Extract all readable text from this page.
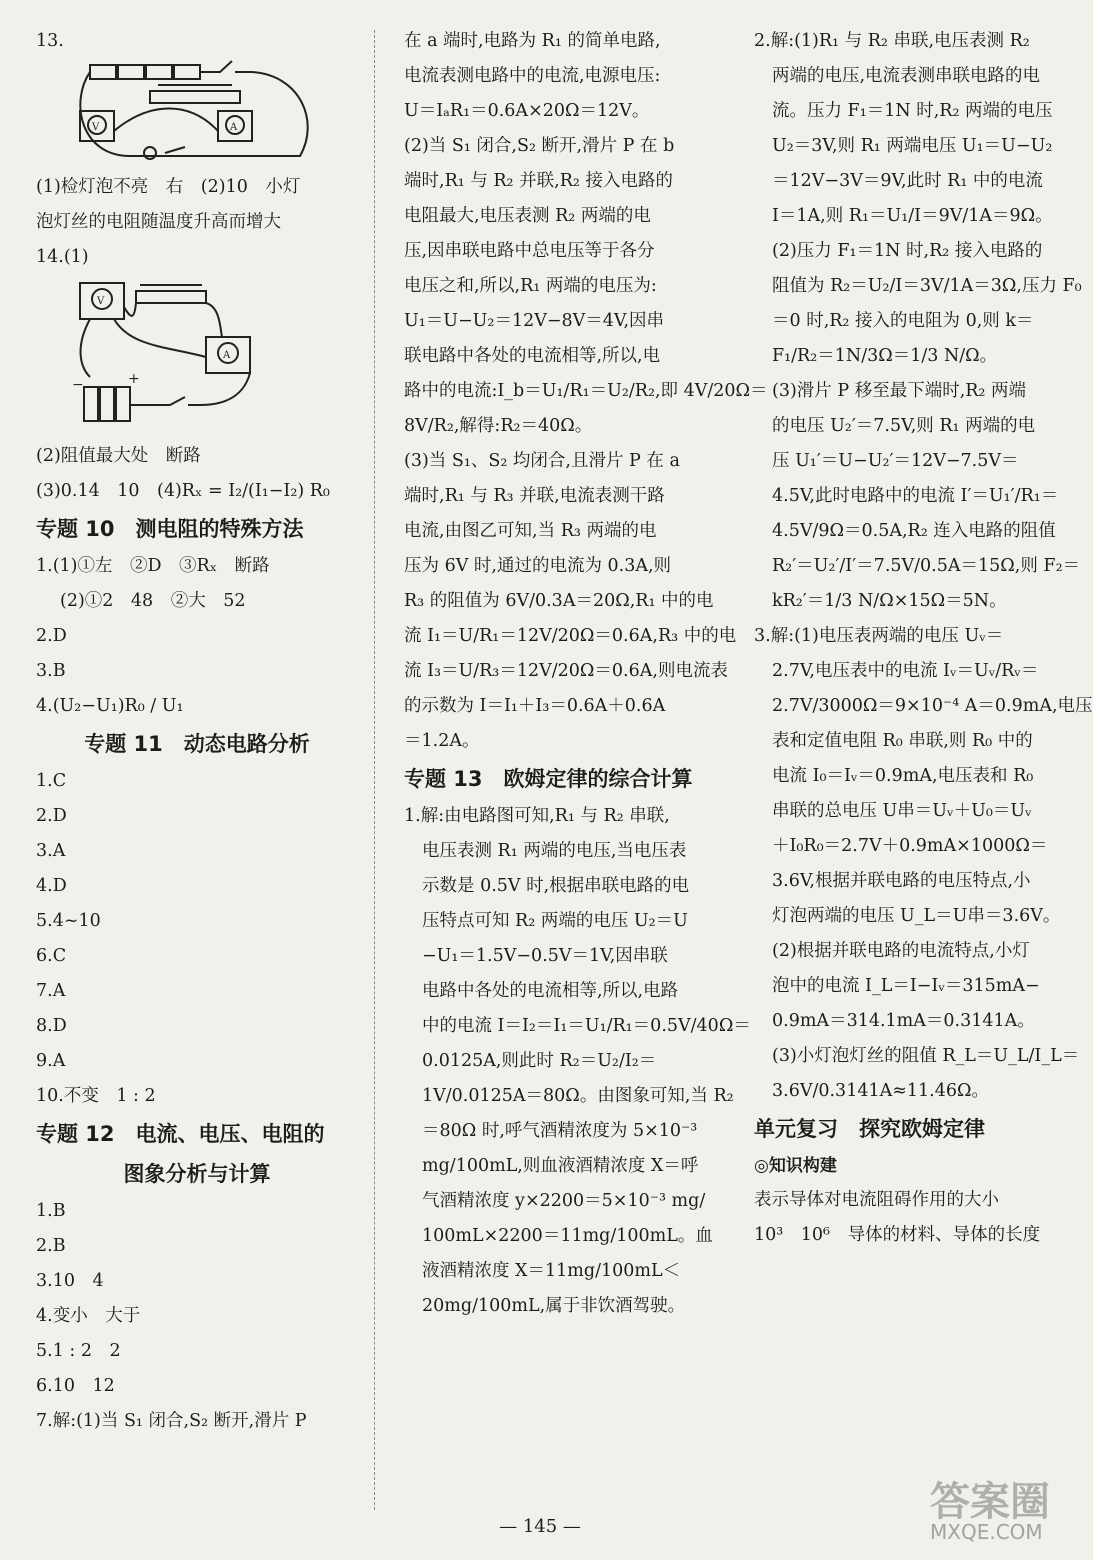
13.
V	A
(1)检灯泡不亮　右　(2)10　小灯
泡灯丝的电阻随温度升高而增大
14.(1)
V
A
−	+
(2)阻值最大处　断路
(3)0.14　10　(4)Rₓ = I₂/(I₁−I₂) R₀
专题 10　测电阻的特殊方法
1.(1)①左　②D　③Rₓ　断路
(2)①2　48　②大　52
2.D
3.B
4.(U₂−U₁)R₀ / U₁
专题 11　动态电路分析
1.C
2.D
3.A
4.D
5.4~10
6.C
7.A
8.D
9.A
10.不变　1 : 2
专题 12　电流、电压、电阻的
图象分析与计算
1.B
2.B
3.10　4
4.变小　大于
5.1 : 2　2
6.10　12
7.解:(1)当 S₁ 闭合,S₂ 断开,滑片 P
在 a 端时,电路为 R₁ 的简单电路,
电流表测电路中的电流,电源电压:
U＝IₐR₁＝0.6A×20Ω＝12V。
(2)当 S₁ 闭合,S₂ 断开,滑片 P 在 b
端时,R₁ 与 R₂ 并联,R₂ 接入电路的
电阻最大,电压表测 R₂ 两端的电
压,因串联电路中总电压等于各分
电压之和,所以,R₁ 两端的电压为:
U₁＝U−U₂＝12V−8V＝4V,因串
联电路中各处的电流相等,所以,电
路中的电流:I_b＝U₁/R₁＝U₂/R₂,即 4V/20Ω＝
8V/R₂,解得:R₂＝40Ω。
(3)当 S₁、S₂ 均闭合,且滑片 P 在 a
端时,R₁ 与 R₃ 并联,电流表测干路
电流,由图乙可知,当 R₃ 两端的电
压为 6V 时,通过的电流为 0.3A,则
R₃ 的阻值为 6V/0.3A＝20Ω,R₁ 中的电
流 I₁＝U/R₁＝12V/20Ω＝0.6A,R₃ 中的电
流 I₃＝U/R₃＝12V/20Ω＝0.6A,则电流表
的示数为 I＝I₁＋I₃＝0.6A＋0.6A
＝1.2A。
专题 13　欧姆定律的综合计算
1.解:由电路图可知,R₁ 与 R₂ 串联,
电压表测 R₁ 两端的电压,当电压表
示数是 0.5V 时,根据串联电路的电
压特点可知 R₂ 两端的电压 U₂＝U
−U₁＝1.5V−0.5V＝1V,因串联
电路中各处的电流相等,所以,电路
中的电流 I＝I₂＝I₁＝U₁/R₁＝0.5V/40Ω＝
0.0125A,则此时 R₂＝U₂/I₂＝
1V/0.0125A＝80Ω。由图象可知,当 R₂
＝80Ω 时,呼气酒精浓度为 5×10⁻³
mg/100mL,则血液酒精浓度 X＝呼
气酒精浓度 y×2200＝5×10⁻³ mg/
100mL×2200＝11mg/100mL。血
液酒精浓度 X＝11mg/100mL＜
20mg/100mL,属于非饮酒驾驶。
2.解:(1)R₁ 与 R₂ 串联,电压表测 R₂
两端的电压,电流表测串联电路的电
流。压力 F₁＝1N 时,R₂ 两端的电压
U₂＝3V,则 R₁ 两端电压 U₁＝U−U₂
＝12V−3V＝9V,此时 R₁ 中的电流
I＝1A,则 R₁＝U₁/I＝9V/1A＝9Ω。
(2)压力 F₁＝1N 时,R₂ 接入电路的
阻值为 R₂＝U₂/I＝3V/1A＝3Ω,压力 F₀
＝0 时,R₂ 接入的电阻为 0,则 k＝
F₁/R₂＝1N/3Ω＝1/3 N/Ω。
(3)滑片 P 移至最下端时,R₂ 两端
的电压 U₂′＝7.5V,则 R₁ 两端的电
压 U₁′＝U−U₂′＝12V−7.5V＝
4.5V,此时电路中的电流 I′＝U₁′/R₁＝
4.5V/9Ω＝0.5A,R₂ 连入电路的阻值
R₂′＝U₂′/I′＝7.5V/0.5A＝15Ω,则 F₂＝
kR₂′＝1/3 N/Ω×15Ω＝5N。
3.解:(1)电压表两端的电压 Uᵥ＝
2.7V,电压表中的电流 Iᵥ＝Uᵥ/Rᵥ＝
2.7V/3000Ω＝9×10⁻⁴ A＝0.9mA,电压
表和定值电阻 R₀ 串联,则 R₀ 中的
电流 I₀＝Iᵥ＝0.9mA,电压表和 R₀
串联的总电压 U串＝Uᵥ＋U₀＝Uᵥ
＋I₀R₀＝2.7V＋0.9mA×1000Ω＝
3.6V,根据并联电路的电压特点,小
灯泡两端的电压 U_L＝U串＝3.6V。
(2)根据并联电路的电流特点,小灯
泡中的电流 I_L＝I−Iᵥ＝315mA−
0.9mA＝314.1mA＝0.3141A。
(3)小灯泡灯丝的阻值 R_L＝U_L/I_L＝
3.6V/0.3141A≈11.46Ω。
单元复习　探究欧姆定律
◎知识构建
表示导体对电流阻碍作用的大小
10³　10⁶　导体的材料、导体的长度
— 145 —
答案圈
MXQE.COM
